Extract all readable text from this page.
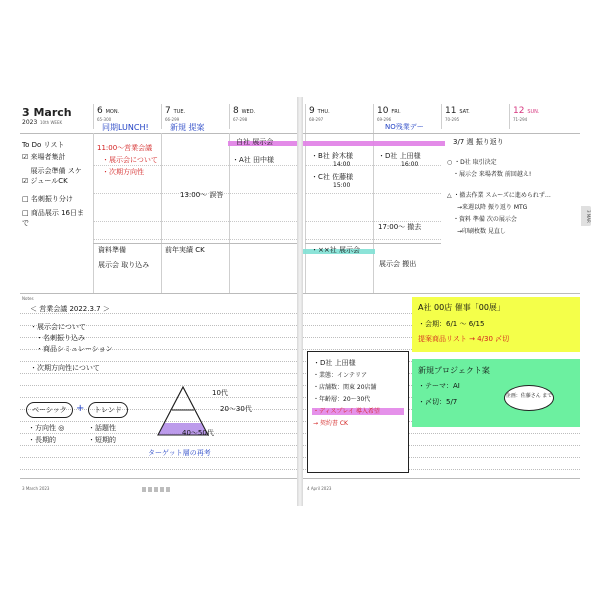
3 MAR
3 March
2023 10th WEEK
6 MON.
65-300
7 TUE.
66-299
8 WED.
67-298
同期LUNCH!	新規 提案
To Do リスト
☑ 来場者集計
☑ 展示会準備 スケジュールCK
□ 名刺振り分け
□ 商品展示 16日まで
11:00〜営業会議
・展示会について
・次期方向性
13:00〜 誤答
自社 展示会
・A社 田中様
資料準備
展示会 取り込み
前年実績 CK
Notes
＜ 営業会議 2022.3.7 ＞
・展示会について
・名刺振り込み
・商品シミュレーション
・次期方向性について
ベーシック +	トレンド
・方向性 ◎
・長期的
・話題性
・短期的
10代
20〜30代
40〜50代
ターゲット層の再考
3 March 2023
9 THU.
68-297
10 FRI.
69-296
11 SAT.
70-295
12 SUN.
71-294
NO残業デー
・B社 鈴木様
14:00
・C社 佐藤様
15:00
・D社 上田様
16:00
17:00〜 撤去
・××社 展示会
展示会 搬出
3/7 週 振り返り
○ ・D社 取引決定
・展示会 来場者数 前回越え!
△ ・撤去作業 スムーズに進められず…
→来週以降 振り返り MTG
・資料 準備 次の展示会
→印刷枚数 見直し
A社 00店 催事「00展」
・会期：6/1 〜 6/15
提案商品リスト → 4/30 〆切
新規プロジェクト案
・テーマ：AI
・〆切：5/7
企画：佐藤さん まで
・D社 上田様
・業態：インテリア
・店舗数：関東 20店舗
・年齢層：20〜30代
・ディスプレイ 導入希望
→ 契約書 CK
4 April 2023
